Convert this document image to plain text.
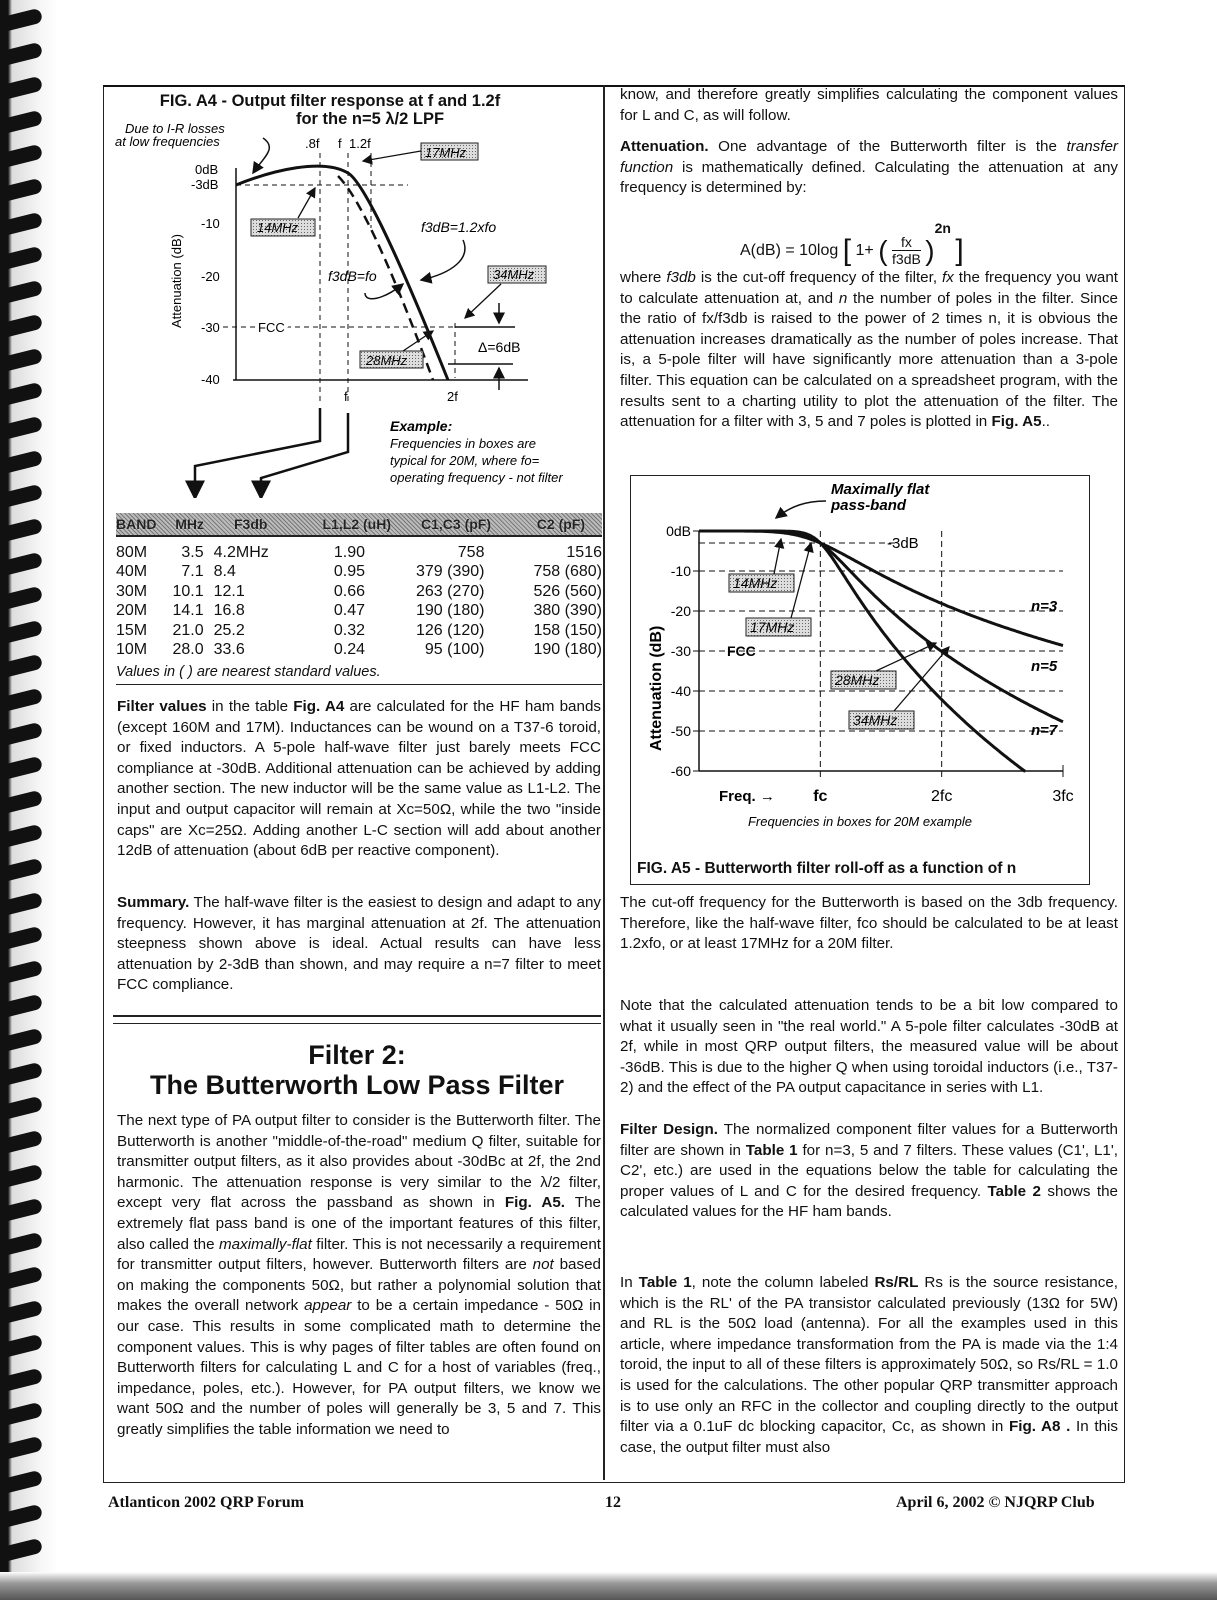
FIG. A4 - Output filter response at f and 1.2f
for the n=5 λ/2 LPF
Due to I-R losses
at low frequencies	.8f f 1.2f
0dB
-3dB
-10
-20
-30
-40
Attenuation (dB)	FCC
Δ=6dB
f3dB=1.2xfo
f3dB=fo
17MHz
14MHz
34MHz
28MHz
f	2f
Example:
Frequencies in boxes are
typical for 20M, where fo=
operating frequency - not filter
BAND	MHz	F3db	L1,L2 (uH)	C1,C3 (pF)	C2 (pF)
80M	3.5 4.2MHz	1.90	758	1516
40M	7.1 8.4	0.95	379 (390)	758 (680)
30M	10.1 12.1	0.66	263 (270)	526 (560)
20M	14.1 16.8	0.47	190 (180)	380 (390)
15M	21.0 25.2	0.32	126 (120)	158 (150)
10M	28.0 33.6	0.24	95 (100)	190 (180)
Values in ( ) are nearest standard values.

Filter values in the table Fig. A4 are calculated for the HF ham bands (except 160M and 17M). Inductances can be wound on a T37-6 toroid, or fixed inductors. A 5-pole half-wave filter just barely meets FCC compliance at -30dB. Additional attenuation can be achieved by adding another section. The new inductor will be the same value as L1-L2. The input and output capacitor will remain at Xc=50Ω, while the two "inside caps" are Xc=25Ω. Adding another L-C section will add about another 12dB of attenuation (about 6dB per reactive component).

Summary. The half-wave filter is the easiest to design and adapt to any frequency. However, it has marginal attenuation at 2f. The attenuation steepness shown above is ideal. Actual results can have less attenuation by 2-3dB than shown, and may require a n=7 filter to meet FCC compliance.

Filter 2:
The Butterworth Low Pass Filter

The next type of PA output filter to consider is the Butterworth filter. The Butterworth is another "middle-of-the-road" medium Q filter, suitable for transmitter output filters, as it also provides about -30dBc at 2f, the 2nd harmonic. The attenuation response is very similar to the λ/2 filter, except very flat across the passband as shown in Fig. A5. The extremely flat pass band is one of the important features of this filter, also called the maximally-flat filter. This is not necessarily a requirement for transmitter output filters, however. Butterworth filters are not based on making the components 50Ω, but rather a polynomial solution that makes the overall network appear to be a certain impedance - 50Ω in our case. This results in some complicated math to determine the component values. This is why pages of filter tables are often found on Butterworth filters for calculating L and C for a host of variables (freq., impedance, poles, etc.). However, for PA output filters, we know we want 50Ω and the number of poles will generally be 3, 5 and 7. This greatly simplifies the table information we need to

know, and therefore greatly simplifies calculating the component values for L and C, as will follow.

Attenuation. One advantage of the Butterworth filter is the transfer function is mathematically defined. Calculating the attenuation at any frequency is determined by:

A(dB) = 10log [ 1+ ( $\frac{fx}{f3dB} )^{2n}$ ]

where f3db is the cut-off frequency of the filter, fx the frequency you want to calculate attenuation at, and n the number of poles in the filter. Since the ratio of fx/f3db is raised to the power of 2 times n, it is obvious the attenuation increases dramatically as the number of poles increase. That is, a 5-pole filter will have significantly more attenuation than a 3-pole filter. This equation can be calculated on a spreadsheet program, with the results sent to a charting utility to plot the attenuation of the filter. The attenuation for a filter with 3, 5 and 7 poles is plotted in Fig. A5..

0dB
-10
-20
-30
-40
-50
-60
fc	2fc	3fc
Freq. →
Attenuation (dB)
Frequencies in boxes for 20M example
n=3
n=5
n=7
Maximally flat
pass-band
-3dB
FCC
14MHz
17MHz
28MHz
34MHz
FIG. A5 - Butterworth filter roll-off as a function of n

The cut-off frequency for the Butterworth is based on the 3db frequency. Therefore, like the half-wave filter, fco should be calculated to be at least 1.2xfo, or at least 17MHz for a 20M filter.

Note that the calculated attenuation tends to be a bit low compared to what it usually seen in "the real world." A 5-pole filter calculates -30dB at 2f, while in most QRP output filters, the measured value will be about -36dB. This is due to the higher Q when using toroidal inductors (i.e., T37-2) and the effect of the PA output capacitance in series with L1.

Filter Design. The normalized component filter values for a Butterworth filter are shown in Table 1 for n=3, 5 and 7 filters. These values (C1', L1', C2', etc.) are used in the equations below the table for calculating the proper values of L and C for the desired frequency. Table 2 shows the calculated values for the HF ham bands.

In Table 1, note the column labeled Rs/RL Rs is the source resistance, which is the RL' of the PA transistor calculated previously (13Ω for 5W) and RL is the 50Ω load (antenna). For all the examples used in this article, where impedance transformation from the PA is made via the 1:4 toroid, the input to all of these filters is approximately 50Ω, so Rs/RL = 1.0 is used for the calculations. The other popular QRP transmitter approach is to use only an RFC in the collector and coupling directly to the output filter via a 0.1uF dc blocking capacitor, Cc, as shown in Fig. A8 . In this case, the output filter must also

Atlanticon 2002 QRP Forum	12	April 6, 2002 © NJQRP Club
